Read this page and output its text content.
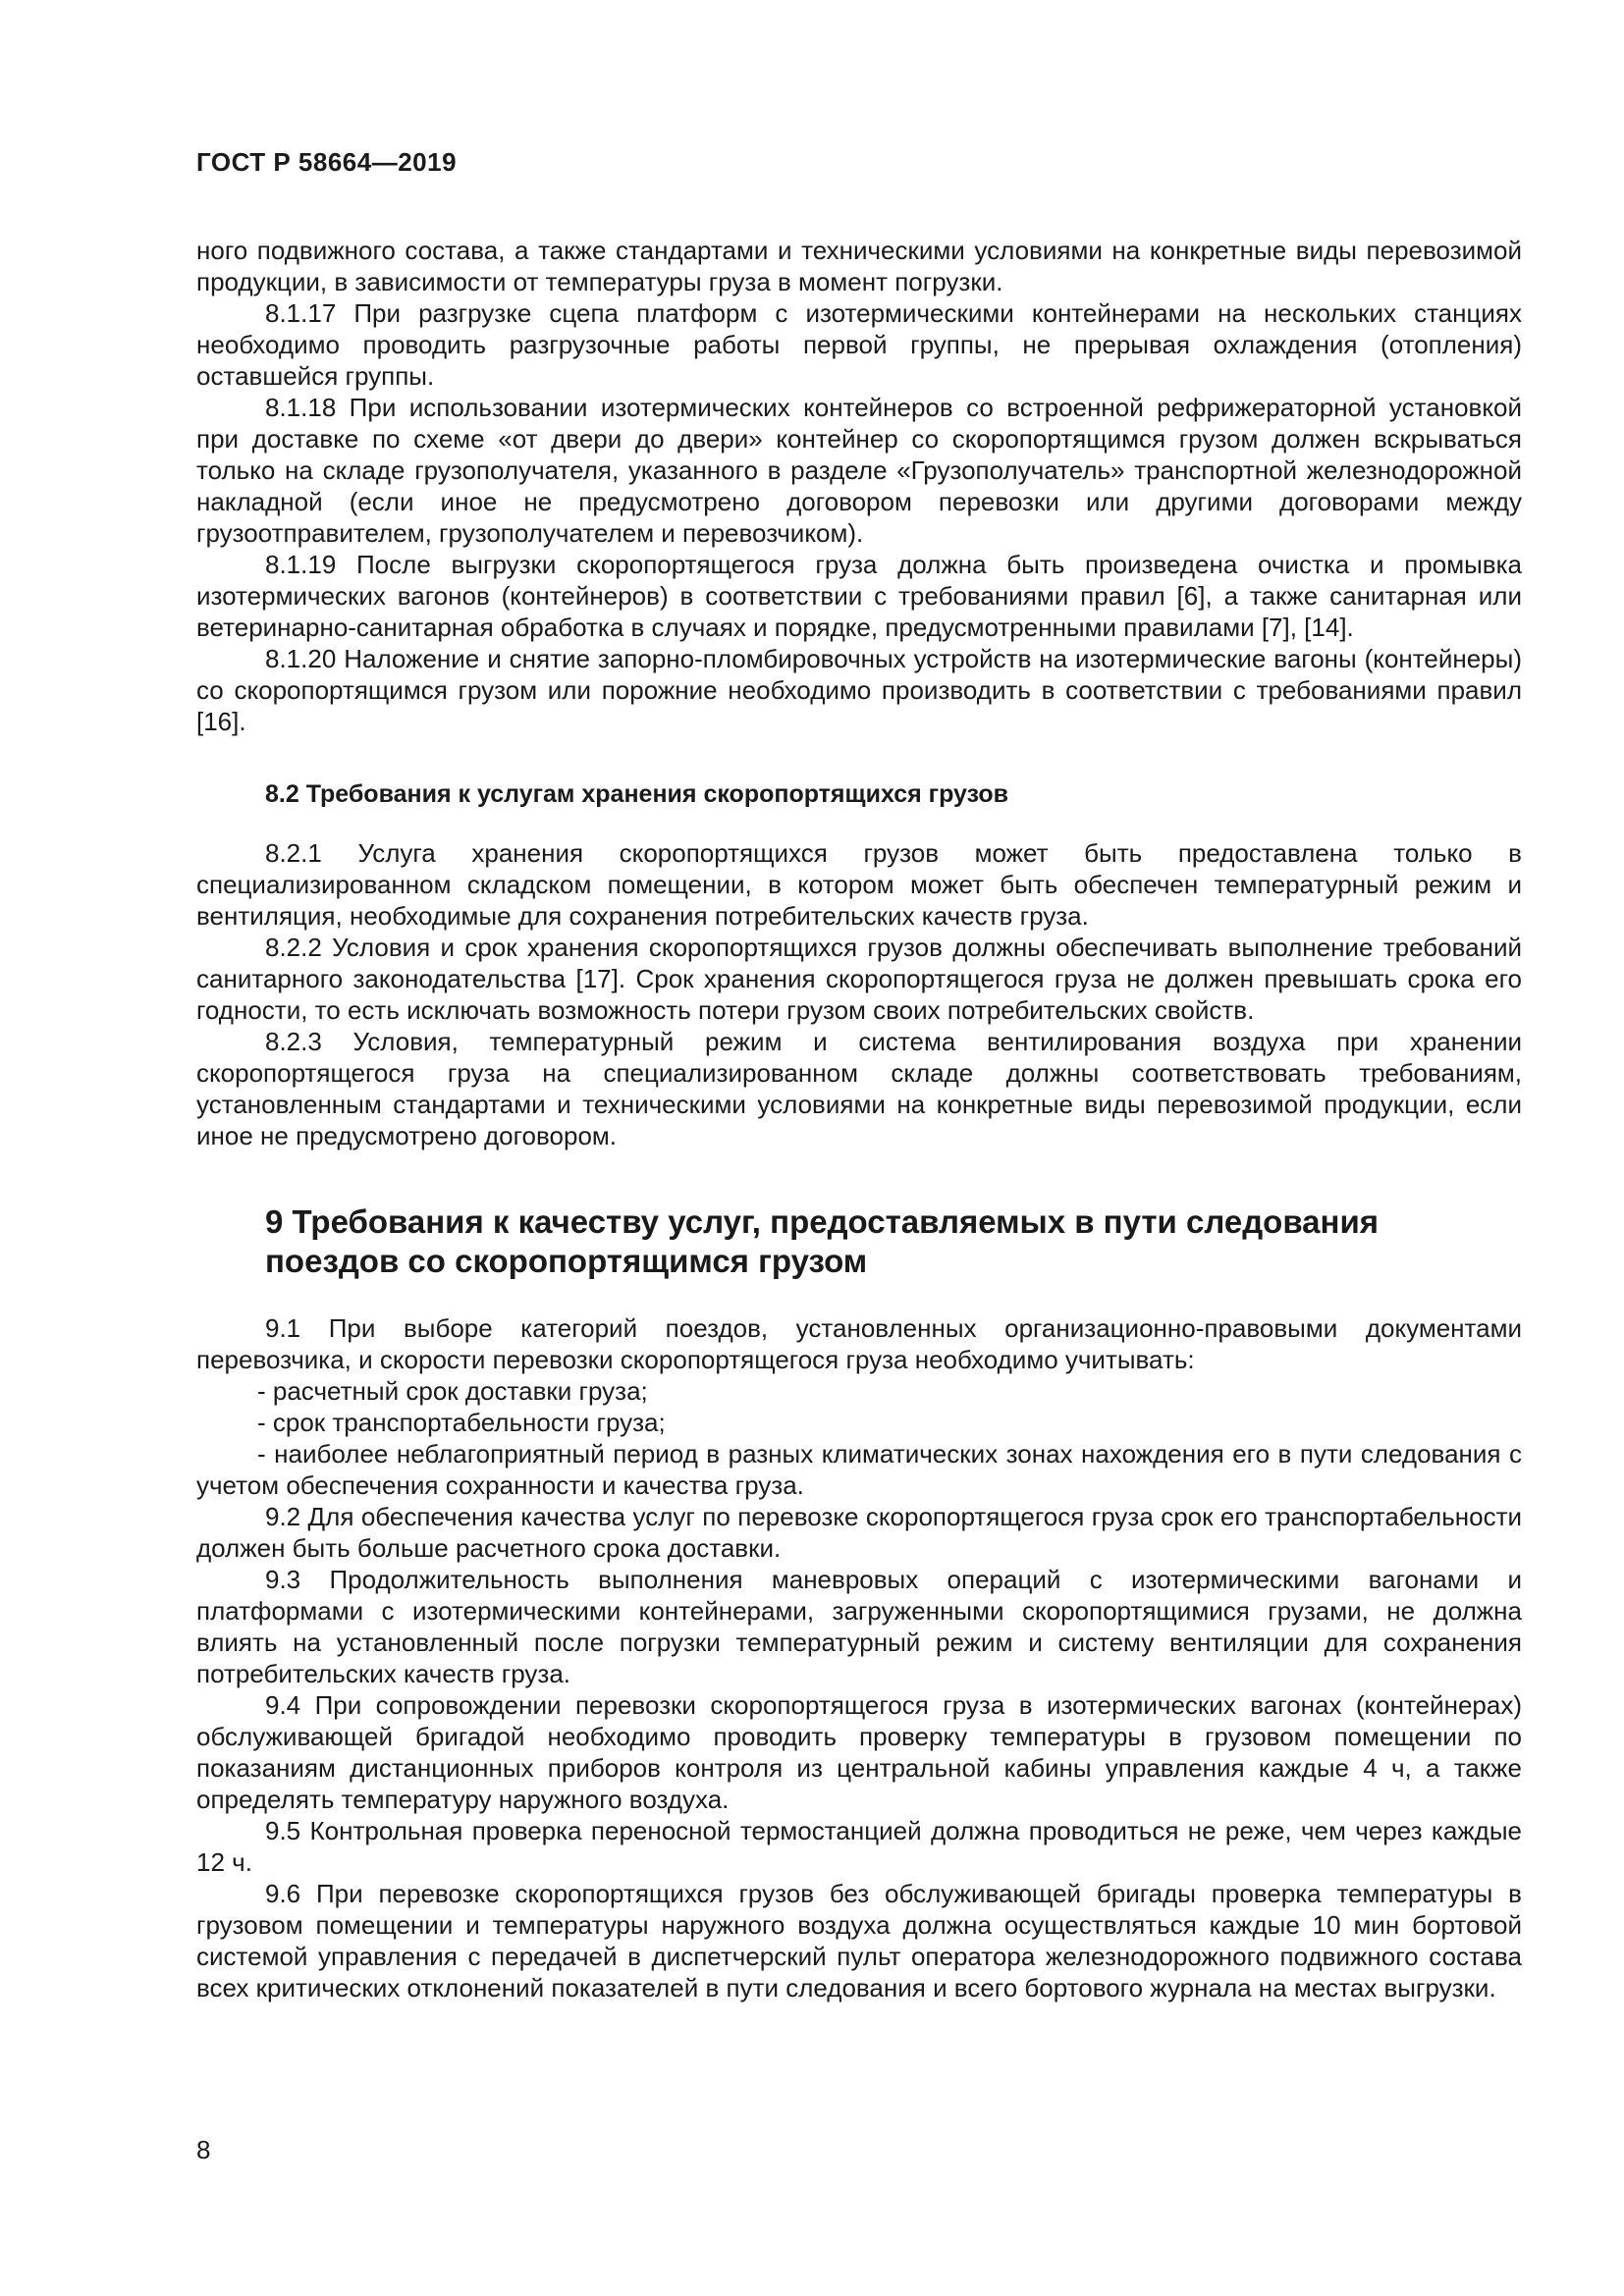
ГОСТ Р 58664—2019

ного подвижного состава, а также стандартами и техническими условиями на конкретные виды перевозимой продукции, в зависимости от температуры груза в момент погрузки.

8.1.17 При разгрузке сцепа платформ с изотермическими контейнерами на нескольких станциях необходимо проводить разгрузочные работы первой группы, не прерывая охлаждения (отопления) оставшейся группы.

8.1.18 При использовании изотермических контейнеров со встроенной рефрижераторной установкой при доставке по схеме «от двери до двери» контейнер со скоропортящимся грузом должен вскрываться только на складе грузополучателя, указанного в разделе «Грузополучатель» транспортной железнодорожной накладной (если иное не предусмотрено договором перевозки или другими договорами между грузоотправителем, грузополучателем и перевозчиком).

8.1.19 После выгрузки скоропортящегося груза должна быть произведена очистка и промывка изотермических вагонов (контейнеров) в соответствии с требованиями правил [6], а также санитарная или ветеринарно-санитарная обработка в случаях и порядке, предусмотренными правилами [7], [14].

8.1.20 Наложение и снятие запорно-пломбировочных устройств на изотермические вагоны (контейнеры) со скоропортящимся грузом или порожние необходимо производить в соответствии с требованиями правил [16].

8.2 Требования к услугам хранения скоропортящихся грузов

8.2.1 Услуга хранения скоропортящихся грузов может быть предоставлена только в специализированном складском помещении, в котором может быть обеспечен температурный режим и вентиляция, необходимые для сохранения потребительских качеств груза.

8.2.2 Условия и срок хранения скоропортящихся грузов должны обеспечивать выполнение требований санитарного законодательства [17]. Срок хранения скоропортящегося груза не должен превышать срока его годности, то есть исключать возможность потери грузом своих потребительских свойств.

8.2.3 Условия, температурный режим и система вентилирования воздуха при хранении скоропортящегося груза на специализированном складе должны соответствовать требованиям, установленным стандартами и техническими условиями на конкретные виды перевозимой продукции, если иное не предусмотрено договором.

9 Требования к качеству услуг, предоставляемых в пути следования
поездов со скоропортящимся грузом

9.1 При выборе категорий поездов, установленных организационно-правовыми документами перевозчика, и скорости перевозки скоропортящегося груза необходимо учитывать:

- расчетный срок доставки груза;

- срок транспортабельности груза;

- наиболее неблагоприятный период в разных климатических зонах нахождения его в пути следования с учетом обеспечения сохранности и качества груза.

9.2 Для обеспечения качества услуг по перевозке скоропортящегося груза срок его транспортабельности должен быть больше расчетного срока доставки.

9.3 Продолжительность выполнения маневровых операций с изотермическими вагонами и платформами с изотермическими контейнерами, загруженными скоропортящимися грузами, не должна влиять на установленный после погрузки температурный режим и систему вентиляции для сохранения потребительских качеств груза.

9.4 При сопровождении перевозки скоропортящегося груза в изотермических вагонах (контейнерах) обслуживающей бригадой необходимо проводить проверку температуры в грузовом помещении по показаниям дистанционных приборов контроля из центральной кабины управления каждые 4 ч, а также определять температуру наружного воздуха.

9.5 Контрольная проверка переносной термостанцией должна проводиться не реже, чем через каждые 12 ч.

9.6 При перевозке скоропортящихся грузов без обслуживающей бригады проверка температуры в грузовом помещении и температуры наружного воздуха должна осуществляться каждые 10 мин бортовой системой управления с передачей в диспетчерский пульт оператора железнодорожного подвижного состава всех критических отклонений показателей в пути следования и всего бортового журнала на местах выгрузки.

8
